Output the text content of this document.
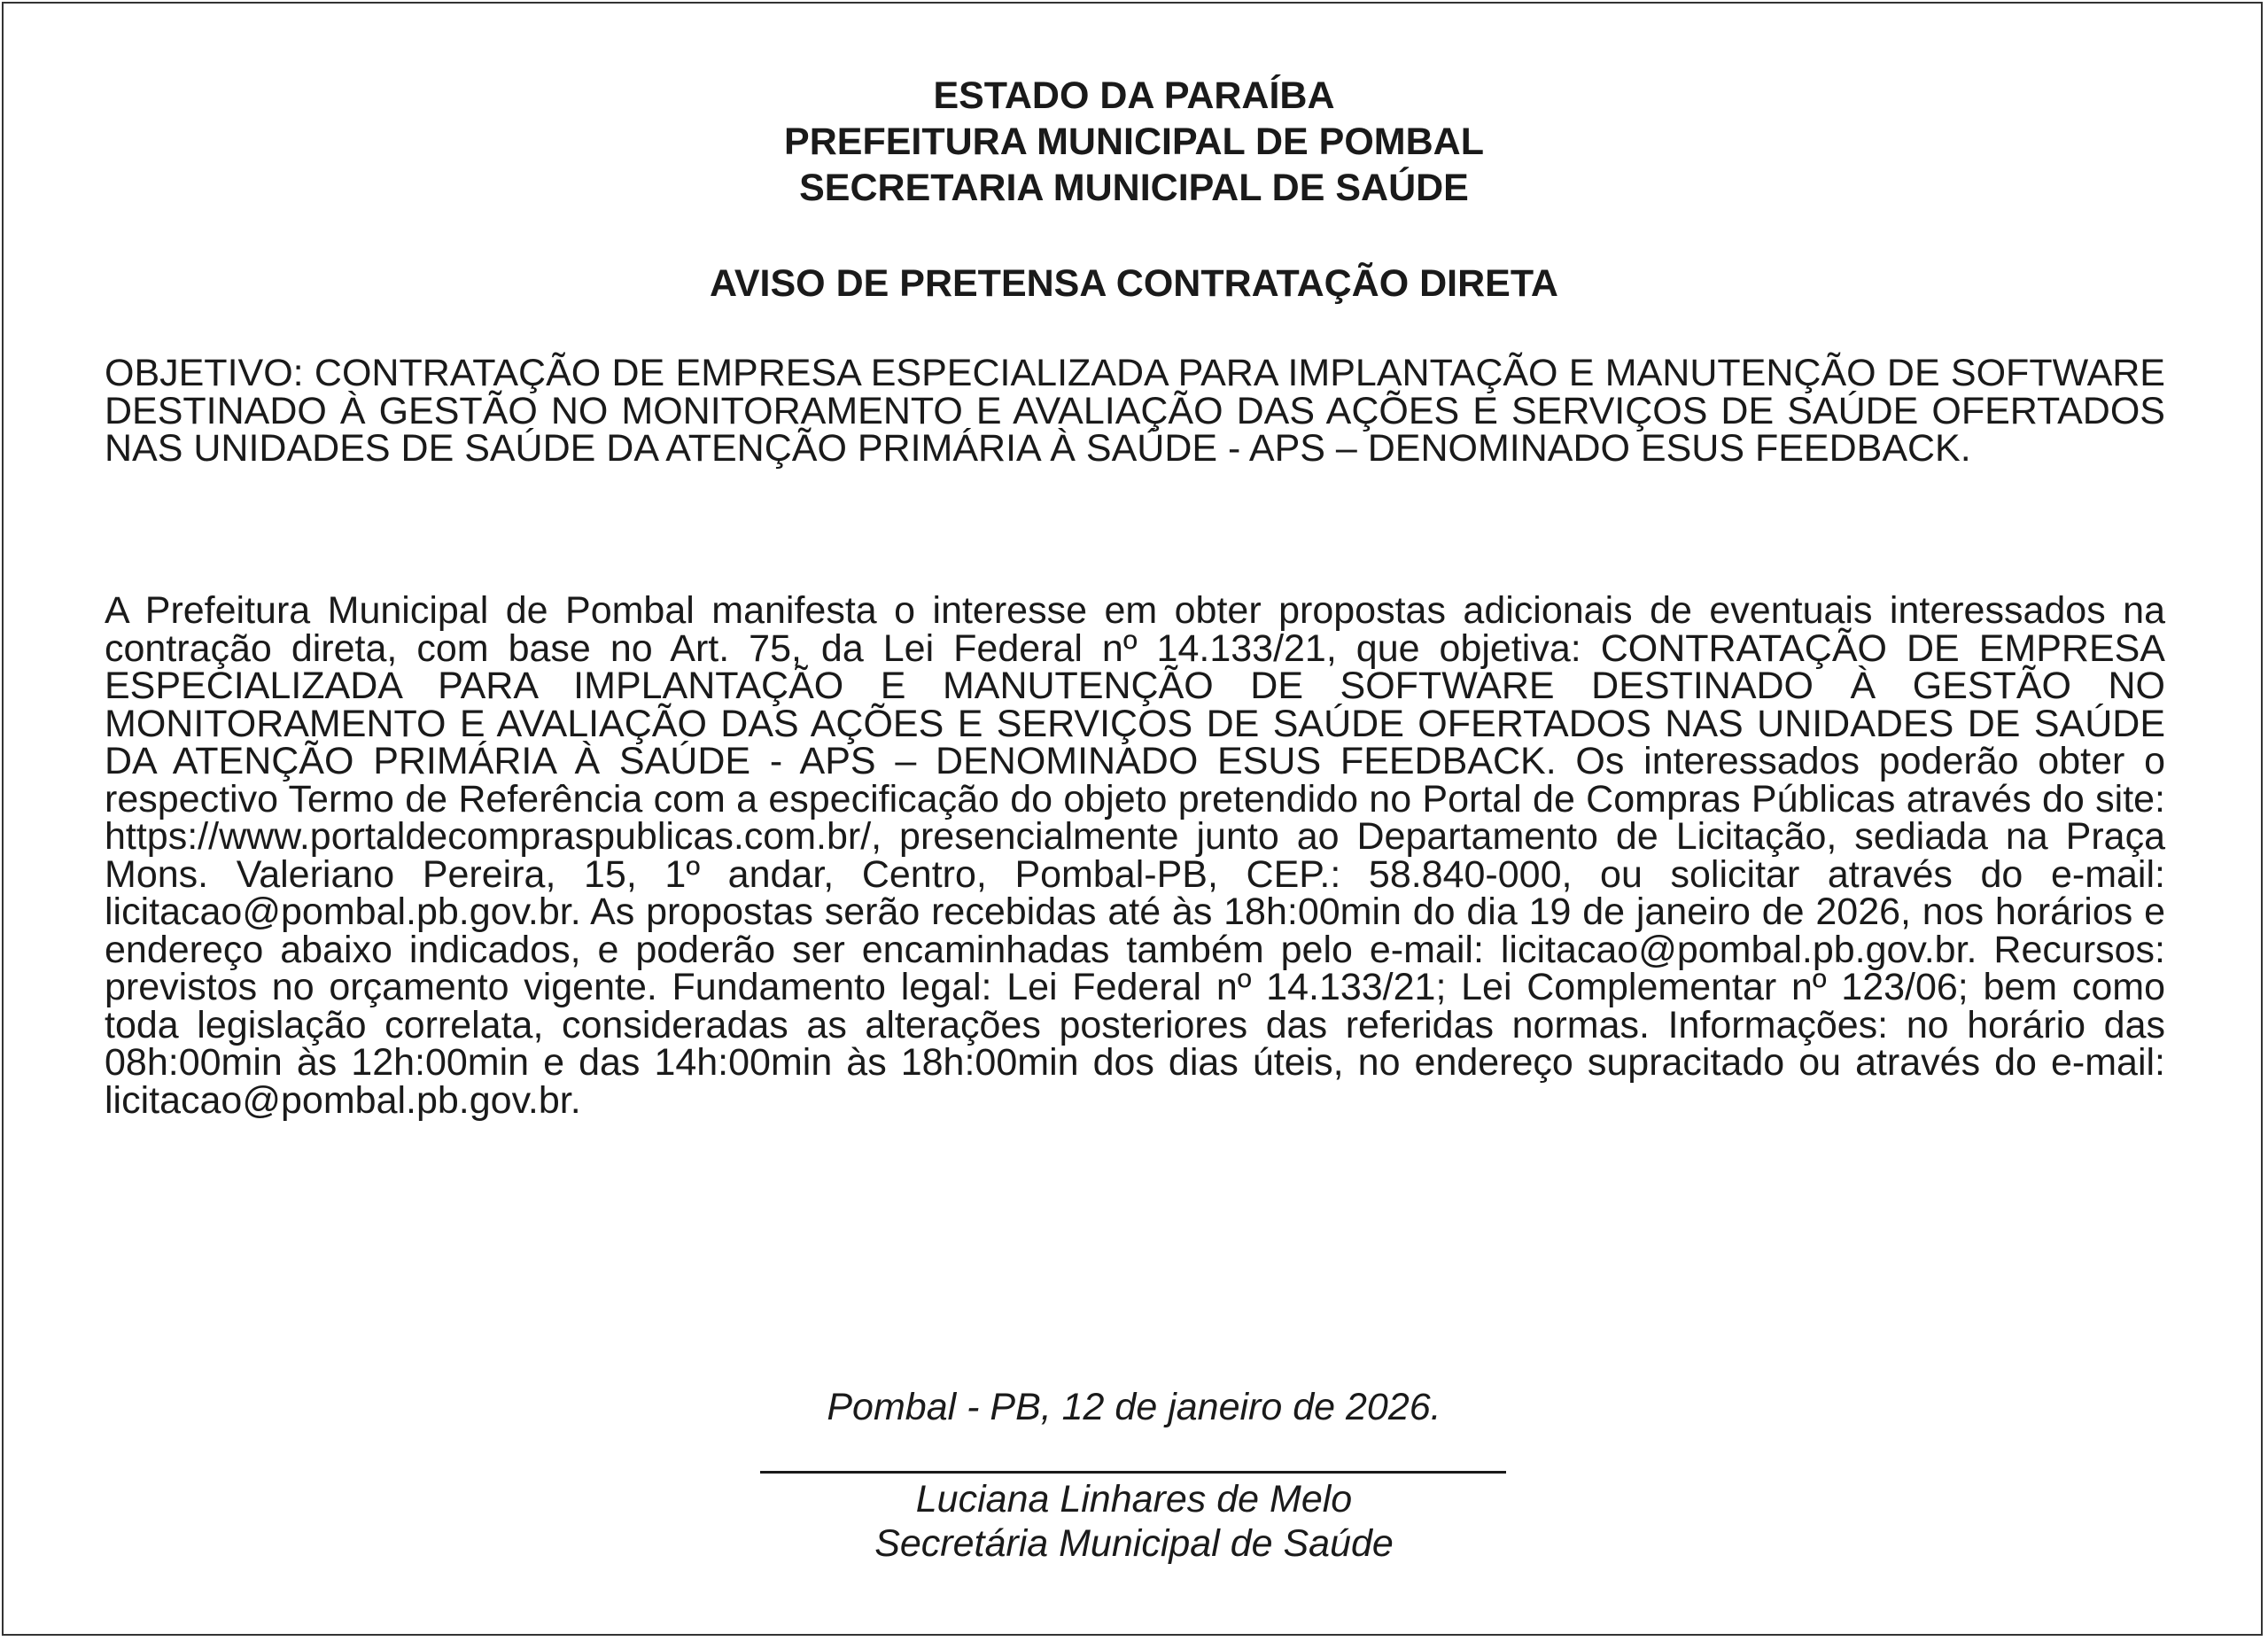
ESTADO DA PARAÍBA
PREFEITURA MUNICIPAL DE POMBAL
SECRETARIA MUNICIPAL DE SAÚDE
AVISO DE PRETENSA CONTRATAÇÃO DIRETA
OBJETIVO: CONTRATAÇÃO DE EMPRESA ESPECIALIZADA PARA IMPLANTAÇÃO E MANUTENÇÃO DE SOFTWARE DESTINADO À GESTÃO NO MONITORAMENTO E AVALIAÇÃO DAS AÇÕES E SERVIÇOS DE SAÚDE OFERTADOS NAS UNIDADES DE SAÚDE DA ATENÇÃO PRIMÁRIA À SAÚDE - APS – DENOMINADO ESUS FEEDBACK.
A Prefeitura Municipal de Pombal manifesta o interesse em obter propostas adicionais de eventuais interessados na contração direta, com base no Art. 75, da Lei Federal nº 14.133/21, que objetiva: CONTRATAÇÃO DE EMPRESA ESPECIALIZADA PARA IMPLANTAÇÃO E MANUTENÇÃO DE SOFTWARE DESTINADO À GESTÃO NO MONITORAMENTO E AVALIAÇÃO DAS AÇÕES E SERVIÇOS DE SAÚDE OFERTADOS NAS UNIDADES DE SAÚDE DA ATENÇÃO PRIMÁRIA À SAÚDE - APS – DENOMINADO ESUS FEEDBACK. Os interessados poderão obter o respectivo Termo de Referência com a especificação do objeto pretendido no Portal de Compras Públicas através do site: https://www.portaldecompraspublicas.com.br/, presencialmente junto ao Departamento de Licitação, sediada na Praça Mons. Valeriano Pereira, 15, 1º andar, Centro, Pombal-PB, CEP.: 58.840-000, ou solicitar através do e-mail: licitacao@pombal.pb.gov.br. As propostas serão recebidas até às 18h:00min do dia 19 de janeiro de 2026, nos horários e endereço abaixo indicados, e poderão ser encaminhadas também pelo e-mail: licitacao@pombal.pb.gov.br. Recursos: previstos no orçamento vigente. Fundamento legal: Lei Federal nº 14.133/21; Lei Complementar nº 123/06; bem como toda legislação correlata, consideradas as alterações posteriores das referidas normas. Informações: no horário das 08h:00min às 12h:00min e das 14h:00min às 18h:00min dos dias úteis, no endereço supracitado ou através do e-mail: licitacao@pombal.pb.gov.br.
Pombal - PB, 12 de janeiro de 2026.
Luciana Linhares de Melo
Secretária Municipal de Saúde
